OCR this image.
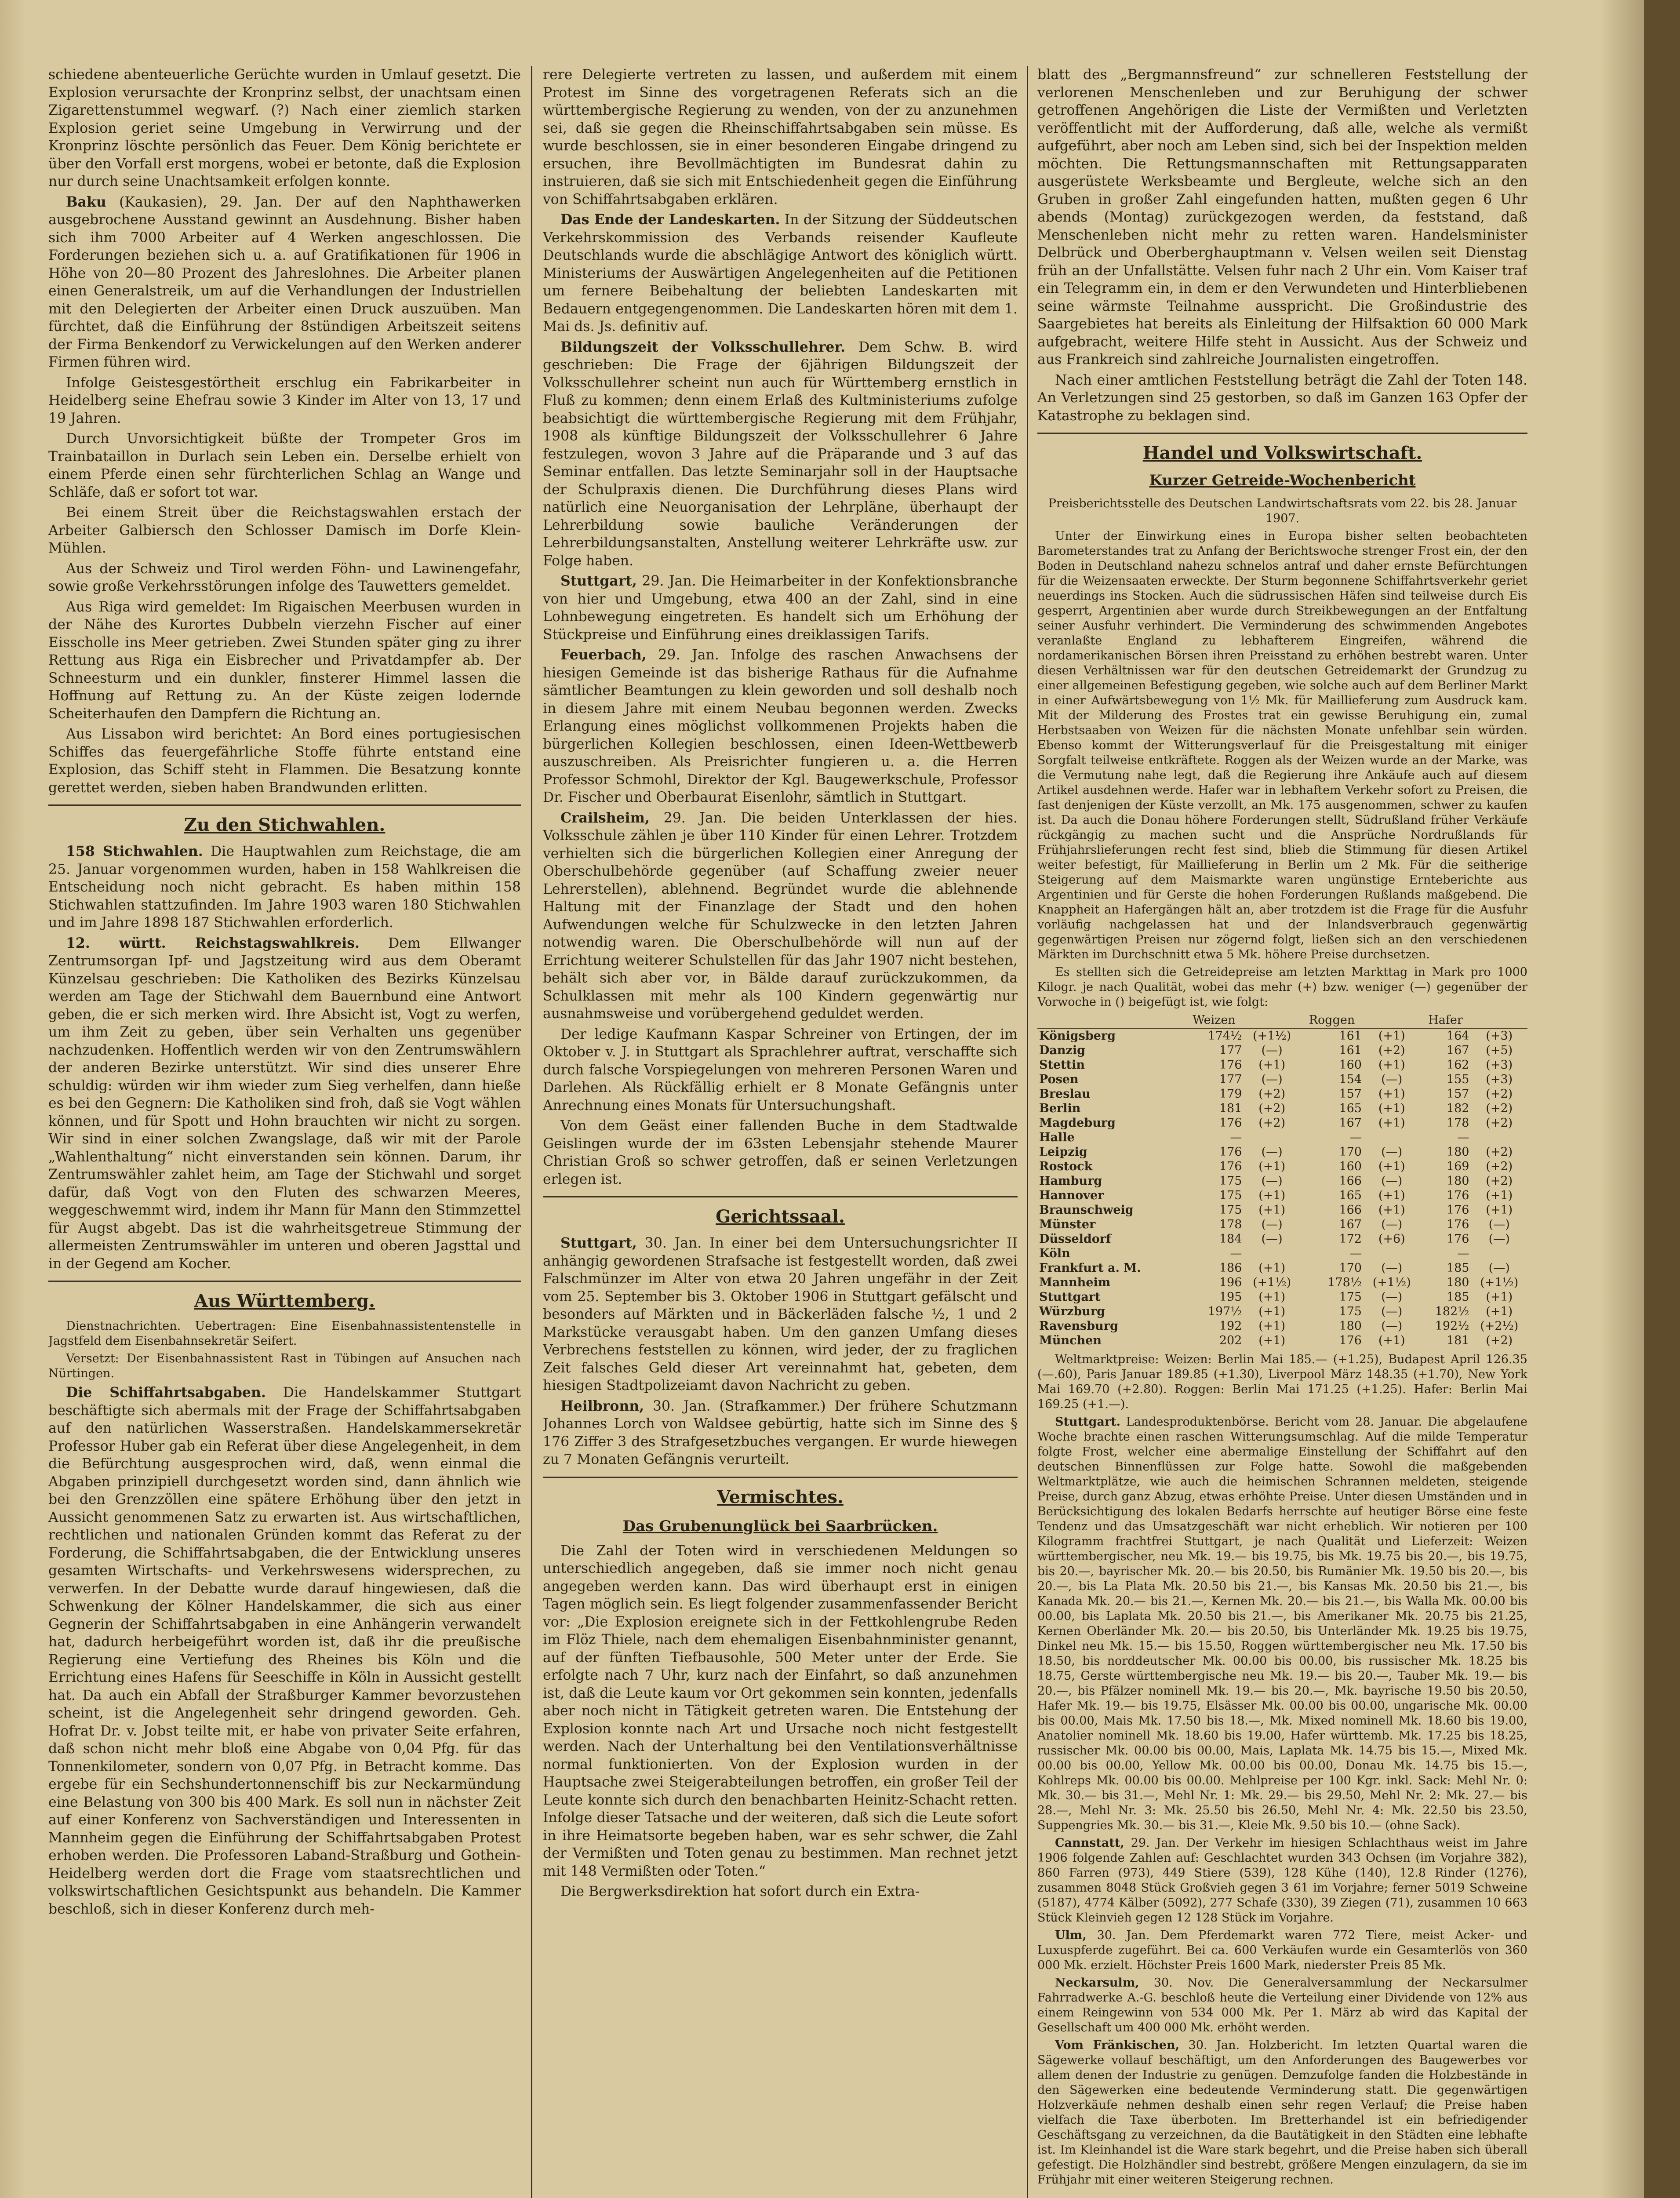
schiedene abenteuerliche Gerüchte wurden in Umlauf gesetzt. Die Explosion verursachte der Kronprinz selbst, der unachtsam einen Zigarettenstummel wegwarf. (?) Nach einer ziemlich starken Explosion geriet seine Umgebung in Verwirrung und der Kronprinz löschte persönlich das Feuer. Dem König berichtete er über den Vorfall erst morgens, wobei er betonte, daß die Explosion nur durch seine Unachtsamkeit erfolgen konnte.

Baku (Kaukasien), 29. Jan. Der auf den Naphthawerken ausgebrochene Ausstand gewinnt an Ausdehnung. Bisher haben sich ihm 7000 Arbeiter auf 4 Werken angeschlossen. Die Forderungen beziehen sich u. a. auf Gratifikationen für 1906 in Höhe von 20—80 Prozent des Jahreslohnes. Die Arbeiter planen einen Generalstreik, um auf die Verhandlungen der Industriellen mit den Delegierten der Arbeiter einen Druck auszuüben. Man fürchtet, daß die Einführung der 8stündigen Arbeitszeit seitens der Firma Benkendorf zu Verwickelungen auf den Werken anderer Firmen führen wird.

Infolge Geistesgestörtheit erschlug ein Fabrikarbeiter in Heidelberg seine Ehefrau sowie 3 Kinder im Alter von 13, 17 und 19 Jahren.

Durch Unvorsichtigkeit büßte der Trompeter Gros im Trainbataillon in Durlach sein Leben ein. Derselbe erhielt von einem Pferde einen sehr fürchterlichen Schlag an Wange und Schläfe, daß er sofort tot war.

Bei einem Streit über die Reichstagswahlen erstach der Arbeiter Galbiersch den Schlosser Damisch im Dorfe Klein-Mühlen.

Aus der Schweiz und Tirol werden Föhn- und Lawinengefahr, sowie große Verkehrsstörungen infolge des Tauwetters gemeldet.

Aus Riga wird gemeldet: Im Rigaischen Meerbusen wurden in der Nähe des Kurortes Dubbeln vierzehn Fischer auf einer Eisscholle ins Meer getrieben. Zwei Stunden später ging zu ihrer Rettung aus Riga ein Eisbrecher und Privatdampfer ab. Der Schneesturm und ein dunkler, finsterer Himmel lassen die Hoffnung auf Rettung zu. An der Küste zeigen lodernde Scheiterhaufen den Dampfern die Richtung an.

Aus Lissabon wird berichtet: An Bord eines portugiesischen Schiffes das feuergefährliche Stoffe führte entstand eine Explosion, das Schiff steht in Flammen. Die Besatzung konnte gerettet werden, sieben haben Brandwunden erlitten.

Zu den Stichwahlen.

158 Stichwahlen. Die Hauptwahlen zum Reichstage, die am 25. Januar vorgenommen wurden, haben in 158 Wahlkreisen die Entscheidung noch nicht gebracht. Es haben mithin 158 Stichwahlen stattzufinden. Im Jahre 1903 waren 180 Stichwahlen und im Jahre 1898 187 Stichwahlen erforderlich.

12. württ. Reichstagswahlkreis. Dem Ellwanger Zentrumsorgan Ipf- und Jagstzeitung wird aus dem Oberamt Künzelsau geschrieben: Die Katholiken des Bezirks Künzelsau werden am Tage der Stichwahl dem Bauernbund eine Antwort geben, die er sich merken wird. Ihre Absicht ist, Vogt zu werfen, um ihm Zeit zu geben, über sein Verhalten uns gegenüber nachzudenken. Hoffentlich werden wir von den Zentrumswählern der anderen Bezirke unterstützt. Wir sind dies unserer Ehre schuldig: würden wir ihm wieder zum Sieg verhelfen, dann hieße es bei den Gegnern: Die Katholiken sind froh, daß sie Vogt wählen können, und für Spott und Hohn brauchten wir nicht zu sorgen. Wir sind in einer solchen Zwangslage, daß wir mit der Parole „Wahlenthaltung“ nicht einverstanden sein können. Darum, ihr Zentrumswähler zahlet heim, am Tage der Stichwahl und sorget dafür, daß Vogt von den Fluten des schwarzen Meeres, weggeschwemmt wird, indem ihr Mann für Mann den Stimmzettel für Augst abgebt. Das ist die wahrheitsgetreue Stimmung der allermeisten Zentrumswähler im unteren und oberen Jagsttal und in der Gegend am Kocher.

Aus Württemberg.

Dienstnachrichten. Uebertragen: Eine Eisenbahnassistentenstelle in Jagstfeld dem Eisenbahnsekretär Seifert.

Versetzt: Der Eisenbahnassistent Rast in Tübingen auf Ansuchen nach Nürtingen.

Die Schiffahrtsabgaben. Die Handelskammer Stuttgart beschäftigte sich abermals mit der Frage der Schiffahrtsabgaben auf den natürlichen Wasserstraßen. Handelskammersekretär Professor Huber gab ein Referat über diese Angelegenheit, in dem die Befürchtung ausgesprochen wird, daß, wenn einmal die Abgaben prinzipiell durchgesetzt worden sind, dann ähnlich wie bei den Grenzzöllen eine spätere Erhöhung über den jetzt in Aussicht genommenen Satz zu erwarten ist. Aus wirtschaftlichen, rechtlichen und nationalen Gründen kommt das Referat zu der Forderung, die Schiffahrtsabgaben, die der Entwicklung unseres gesamten Wirtschafts- und Verkehrswesens widersprechen, zu verwerfen. In der Debatte wurde darauf hingewiesen, daß die Schwenkung der Kölner Handelskammer, die sich aus einer Gegnerin der Schiffahrtsabgaben in eine Anhängerin verwandelt hat, dadurch herbeigeführt worden ist, daß ihr die preußische Regierung eine Vertiefung des Rheines bis Köln und die Errichtung eines Hafens für Seeschiffe in Köln in Aussicht gestellt hat. Da auch ein Abfall der Straßburger Kammer bevorzustehen scheint, ist die Angelegenheit sehr dringend geworden. Geh. Hofrat Dr. v. Jobst teilte mit, er habe von privater Seite erfahren, daß schon nicht mehr bloß eine Abgabe von 0,04 Pfg. für das Tonnenkilometer, sondern von 0,07 Pfg. in Betracht komme. Das ergebe für ein Sechshundertonnenschiff bis zur Neckarmündung eine Belastung von 300 bis 400 Mark. Es soll nun in nächster Zeit auf einer Konferenz von Sachverständigen und Interessenten in Mannheim gegen die Einführung der Schiffahrtsabgaben Protest erhoben werden. Die Professoren Laband-Straßburg und Gothein-Heidelberg werden dort die Frage vom staatsrechtlichen und volkswirtschaftlichen Gesichtspunkt aus behandeln. Die Kammer beschloß, sich in dieser Konferenz durch meh-

rere Delegierte vertreten zu lassen, und außerdem mit einem Protest im Sinne des vorgetragenen Referats sich an die württembergische Regierung zu wenden, von der zu anzunehmen sei, daß sie gegen die Rheinschiffahrtsabgaben sein müsse. Es wurde beschlossen, sie in einer besonderen Eingabe dringend zu ersuchen, ihre Bevollmächtigten im Bundesrat dahin zu instruieren, daß sie sich mit Entschiedenheit gegen die Einführung von Schiffahrtsabgaben erklären.

Das Ende der Landeskarten. In der Sitzung der Süddeutschen Verkehrskommission des Verbands reisender Kaufleute Deutschlands wurde die abschlägige Antwort des königlich württ. Ministeriums der Auswärtigen Angelegenheiten auf die Petitionen um fernere Beibehaltung der beliebten Landeskarten mit Bedauern entgegengenommen. Die Landeskarten hören mit dem 1. Mai ds. Js. definitiv auf.

Bildungszeit der Volksschullehrer. Dem Schw. B. wird geschrieben: Die Frage der 6jährigen Bildungszeit der Volksschullehrer scheint nun auch für Württemberg ernstlich in Fluß zu kommen; denn einem Erlaß des Kultministeriums zufolge beabsichtigt die württembergische Regierung mit dem Frühjahr, 1908 als künftige Bildungszeit der Volksschullehrer 6 Jahre festzulegen, wovon 3 Jahre auf die Präparande und 3 auf das Seminar entfallen. Das letzte Seminarjahr soll in der Hauptsache der Schulpraxis dienen. Die Durchführung dieses Plans wird natürlich eine Neuorganisation der Lehrpläne, überhaupt der Lehrerbildung sowie bauliche Veränderungen der Lehrerbildungsanstalten, Anstellung weiterer Lehrkräfte usw. zur Folge haben.

Stuttgart, 29. Jan. Die Heimarbeiter in der Konfektionsbranche von hier und Umgebung, etwa 400 an der Zahl, sind in eine Lohnbewegung eingetreten. Es handelt sich um Erhöhung der Stückpreise und Einführung eines dreiklassigen Tarifs.

Feuerbach, 29. Jan. Infolge des raschen Anwachsens der hiesigen Gemeinde ist das bisherige Rathaus für die Aufnahme sämtlicher Beamtungen zu klein geworden und soll deshalb noch in diesem Jahre mit einem Neubau begonnen werden. Zwecks Erlangung eines möglichst vollkommenen Projekts haben die bürgerlichen Kollegien beschlossen, einen Ideen-Wettbewerb auszuschreiben. Als Preisrichter fungieren u. a. die Herren Professor Schmohl, Direktor der Kgl. Baugewerkschule, Professor Dr. Fischer und Oberbaurat Eisenlohr, sämtlich in Stuttgart.

Crailsheim, 29. Jan. Die beiden Unterklassen der hies. Volksschule zählen je über 110 Kinder für einen Lehrer. Trotzdem verhielten sich die bürgerlichen Kollegien einer Anregung der Oberschulbehörde gegenüber (auf Schaffung zweier neuer Lehrerstellen), ablehnend. Begründet wurde die ablehnende Haltung mit der Finanzlage der Stadt und den hohen Aufwendungen welche für Schulzwecke in den letzten Jahren notwendig waren. Die Oberschulbehörde will nun auf der Errichtung weiterer Schulstellen für das Jahr 1907 nicht bestehen, behält sich aber vor, in Bälde darauf zurückzukommen, da Schulklassen mit mehr als 100 Kindern gegenwärtig nur ausnahmsweise und vorübergehend geduldet werden.

Der ledige Kaufmann Kaspar Schreiner von Ertingen, der im Oktober v. J. in Stuttgart als Sprachlehrer auftrat, verschaffte sich durch falsche Vorspiegelungen von mehreren Personen Waren und Darlehen. Als Rückfällig erhielt er 8 Monate Gefängnis unter Anrechnung eines Monats für Untersuchungshaft.

Von dem Geäst einer fallenden Buche in dem Stadtwalde Geislingen wurde der im 63sten Lebensjahr stehende Maurer Christian Groß so schwer getroffen, daß er seinen Verletzungen erlegen ist.

Gerichtssaal.

Stuttgart, 30. Jan. In einer bei dem Untersuchungsrichter II anhängig gewordenen Strafsache ist festgestellt worden, daß zwei Falschmünzer im Alter von etwa 20 Jahren ungefähr in der Zeit vom 25. September bis 3. Oktober 1906 in Stuttgart gefälscht und besonders auf Märkten und in Bäckerläden falsche ½, 1 und 2 Markstücke verausgabt haben. Um den ganzen Umfang dieses Verbrechens feststellen zu können, wird jeder, der zu fraglichen Zeit falsches Geld dieser Art vereinnahmt hat, gebeten, dem hiesigen Stadtpolizeiamt davon Nachricht zu geben.

Heilbronn, 30. Jan. (Strafkammer.) Der frühere Schutzmann Johannes Lorch von Waldsee gebürtig, hatte sich im Sinne des § 176 Ziffer 3 des Strafgesetzbuches vergangen. Er wurde hiewegen zu 7 Monaten Gefängnis verurteilt.

Vermischtes.
Das Grubenunglück bei Saarbrücken.

Die Zahl der Toten wird in verschiedenen Meldungen so unterschiedlich angegeben, daß sie immer noch nicht genau angegeben werden kann. Das wird überhaupt erst in einigen Tagen möglich sein. Es liegt folgender zusammenfassender Bericht vor: „Die Explosion ereignete sich in der Fettkohlengrube Reden im Flöz Thiele, nach dem ehemaligen Eisenbahnminister genannt, auf der fünften Tiefbausohle, 500 Meter unter der Erde. Sie erfolgte nach 7 Uhr, kurz nach der Einfahrt, so daß anzunehmen ist, daß die Leute kaum vor Ort gekommen sein konnten, jedenfalls aber noch nicht in Tätigkeit getreten waren. Die Entstehung der Explosion konnte nach Art und Ursache noch nicht festgestellt werden. Nach der Unterhaltung bei den Ventilationsverhältnisse normal funktionierten. Von der Explosion wurden in der Hauptsache zwei Steigerabteilungen betroffen, ein großer Teil der Leute konnte sich durch den benachbarten Heinitz-Schacht retten. Infolge dieser Tatsache und der weiteren, daß sich die Leute sofort in ihre Heimatsorte begeben haben, war es sehr schwer, die Zahl der Vermißten und Toten genau zu bestimmen. Man rechnet jetzt mit 148 Vermißten oder Toten.“

Die Bergwerksdirektion hat sofort durch ein Extra-

blatt des „Bergmannsfreund“ zur schnelleren Feststellung der verlorenen Menschenleben und zur Beruhigung der schwer getroffenen Angehörigen die Liste der Vermißten und Verletzten veröffentlicht mit der Aufforderung, daß alle, welche als vermißt aufgeführt, aber noch am Leben sind, sich bei der Inspektion melden möchten. Die Rettungsmannschaften mit Rettungsapparaten ausgerüstete Werksbeamte und Bergleute, welche sich an den Gruben in großer Zahl eingefunden hatten, mußten gegen 6 Uhr abends (Montag) zurückgezogen werden, da feststand, daß Menschenleben nicht mehr zu retten waren. Handelsminister Delbrück und Oberberghauptmann v. Velsen weilen seit Dienstag früh an der Unfallstätte. Velsen fuhr nach 2 Uhr ein. Vom Kaiser traf ein Telegramm ein, in dem er den Verwundeten und Hinterbliebenen seine wärmste Teilnahme ausspricht. Die Großindustrie des Saargebietes hat bereits als Einleitung der Hilfsaktion 60 000 Mark aufgebracht, weitere Hilfe steht in Aussicht. Aus der Schweiz und aus Frankreich sind zahlreiche Journalisten eingetroffen.

Nach einer amtlichen Feststellung beträgt die Zahl der Toten 148. An Verletzungen sind 25 gestorben, so daß im Ganzen 163 Opfer der Katastrophe zu beklagen sind.

Handel und Volkswirtschaft.
Kurzer Getreide-Wochenbericht

Preisberichtsstelle des Deutschen Landwirtschaftsrats vom 22. bis 28. Januar 1907.

Unter der Einwirkung eines in Europa bisher selten beobachteten Barometerstandes trat zu Anfang der Berichtswoche strenger Frost ein, der den Boden in Deutschland nahezu schnelos antraf und daher ernste Befürchtungen für die Weizensaaten erweckte. Der Sturm begonnene Schiffahrtsverkehr geriet neuerdings ins Stocken. Auch die südrussischen Häfen sind teilweise durch Eis gesperrt, Argentinien aber wurde durch Streikbewegungen an der Entfaltung seiner Ausfuhr verhindert. Die Verminderung des schwimmenden Angebotes veranlaßte England zu lebhafterem Eingreifen, während die nordamerikanischen Börsen ihren Preisstand zu erhöhen bestrebt waren. Unter diesen Verhältnissen war für den deutschen Getreidemarkt der Grundzug zu einer allgemeinen Befestigung gegeben, wie solche auch auf dem Berliner Markt in einer Aufwärtsbewegung von 1½ Mk. für Maillieferung zum Ausdruck kam. Mit der Milderung des Frostes trat ein gewisse Beruhigung ein, zumal Herbstsaaben von Weizen für die nächsten Monate unfehlbar sein würden. Ebenso kommt der Witterungsverlauf für die Preisgestaltung mit einiger Sorgfalt teilweise entkräftete. Roggen als der Weizen wurde an der Marke, was die Vermutung nahe legt, daß die Regierung ihre Ankäufe auch auf diesem Artikel ausdehnen werde. Hafer war in lebhaftem Verkehr sofort zu Preisen, die fast denjenigen der Küste verzollt, an Mk. 175 ausgenommen, schwer zu kaufen ist. Da auch die Donau höhere Forderungen stellt, Südrußland früher Verkäufe rückgängig zu machen sucht und die Ansprüche Nordrußlands für Frühjahrslieferungen recht fest sind, blieb die Stimmung für diesen Artikel weiter befestigt, für Maillieferung in Berlin um 2 Mk. Für die seitherige Steigerung auf dem Maismarkte waren ungünstige Ernteberichte aus Argentinien und für Gerste die hohen Forderungen Rußlands maßgebend. Die Knappheit an Hafergängen hält an, aber trotzdem ist die Frage für die Ausfuhr vorläufig nachgelassen hat und der Inlandsverbrauch gegenwärtig gegenwärtigen Preisen nur zögernd folgt, ließen sich an den verschiedenen Märkten im Durchschnitt etwa 5 Mk. höhere Preise durchsetzen.

Es stellten sich die Getreidepreise am letzten Markttag in Mark pro 1000 Kilogr. je nach Qualität, wobei das mehr (+) bzw. weniger (—) gegenüber der Vorwoche in () beigefügt ist, wie folgt:

	Weizen		Roggen		Hafer	
Königsberg	174½	(+1½)	161	(+1)	164	(+3)
Danzig	177	(—)	161	(+2)	167	(+5)
Stettin	176	(+1)	160	(+1)	162	(+3)
Posen	177	(—)	154	(—)	155	(+3)
Breslau	179	(+2)	157	(+1)	157	(+2)
Berlin	181	(+2)	165	(+1)	182	(+2)
Magdeburg	176	(+2)	167	(+1)	178	(+2)
Halle	—		—		—	
Leipzig	176	(—)	170	(—)	180	(+2)
Rostock	176	(+1)	160	(+1)	169	(+2)
Hamburg	175	(—)	166	(—)	180	(+2)
Hannover	175	(+1)	165	(+1)	176	(+1)
Braunschweig	175	(+1)	166	(+1)	176	(+1)
Münster	178	(—)	167	(—)	176	(—)
Düsseldorf	184	(—)	172	(+6)	176	(—)
Köln	—		—		—	
Frankfurt a. M.	186	(+1)	170	(—)	185	(—)
Mannheim	196	(+1½)	178½	(+1½)	180	(+1½)
Stuttgart	195	(+1)	175	(—)	185	(+1)
Würzburg	197½	(+1)	175	(—)	182½	(+1)
Ravensburg	192	(+1)	180	(—)	192½	(+2½)
München	202	(+1)	176	(+1)	181	(+2)

Weltmarktpreise: Weizen: Berlin Mai 185.— (+1.25), Budapest April 126.35 (—.60), Paris Januar 189.85 (+1.30), Liverpool März 148.35 (+1.70), New York Mai 169.70 (+2.80). Roggen: Berlin Mai 171.25 (+1.25). Hafer: Berlin Mai 169.25 (+1.—).

Stuttgart. Landesproduktenbörse. Bericht vom 28. Januar. Die abgelaufene Woche brachte einen raschen Witterungsumschlag. Auf die milde Temperatur folgte Frost, welcher eine abermalige Einstellung der Schiffahrt auf den deutschen Binnenflüssen zur Folge hatte. Sowohl die maßgebenden Weltmarktplätze, wie auch die heimischen Schrannen meldeten, steigende Preise, durch ganz Abzug, etwas erhöhte Preise. Unter diesen Umständen und in Berücksichtigung des lokalen Bedarfs herrschte auf heutiger Börse eine feste Tendenz und das Umsatzgeschäft war nicht erheblich. Wir notieren per 100 Kilogramm frachtfrei Stuttgart, je nach Qualität und Lieferzeit: Weizen württembergischer, neu Mk. 19.— bis 19.75, bis Mk. 19.75 bis 20.—, bis 19.75, bis 20.—, bayrischer Mk. 20.— bis 20.50, bis Rumänier Mk. 19.50 bis 20.—, bis 20.—, bis La Plata Mk. 20.50 bis 21.—, bis Kansas Mk. 20.50 bis 21.—, bis Kanada Mk. 20.— bis 21.—, Kernen Mk. 20.— bis 21.—, bis Walla Mk. 00.00 bis 00.00, bis Laplata Mk. 20.50 bis 21.—, bis Amerikaner Mk. 20.75 bis 21.25, Kernen Oberländer Mk. 20.— bis 20.50, bis Unterländer Mk. 19.25 bis 19.75, Dinkel neu Mk. 15.— bis 15.50, Roggen württembergischer neu Mk. 17.50 bis 18.50, bis norddeutscher Mk. 00.00 bis 00.00, bis russischer Mk. 18.25 bis 18.75, Gerste württembergische neu Mk. 19.— bis 20.—, Tauber Mk. 19.— bis 20.—, bis Pfälzer nominell Mk. 19.— bis 20.—, Mk. bayrische 19.50 bis 20.50, Hafer Mk. 19.— bis 19.75, Elsässer Mk. 00.00 bis 00.00, ungarische Mk. 00.00 bis 00.00, Mais Mk. 17.50 bis 18.—, Mk. Mixed nominell Mk. 18.60 bis 19.00, Anatolier nominell Mk. 18.60 bis 19.00, Hafer württemb. Mk. 17.25 bis 18.25, russischer Mk. 00.00 bis 00.00, Mais, Laplata Mk. 14.75 bis 15.—, Mixed Mk. 00.00 bis 00.00, Yellow Mk. 00.00 bis 00.00, Donau Mk. 14.75 bis 15.—, Kohlreps Mk. 00.00 bis 00.00. Mehlpreise per 100 Kgr. inkl. Sack: Mehl Nr. 0: Mk. 30.— bis 31.—, Mehl Nr. 1: Mk. 29.— bis 29.50, Mehl Nr. 2: Mk. 27.— bis 28.—, Mehl Nr. 3: Mk. 25.50 bis 26.50, Mehl Nr. 4: Mk. 22.50 bis 23.50, Suppengries Mk. 30.— bis 31.—, Kleie Mk. 9.50 bis 10.— (ohne Sack).

Cannstatt, 29. Jan. Der Verkehr im hiesigen Schlachthaus weist im Jahre 1906 folgende Zahlen auf: Geschlachtet wurden 343 Ochsen (im Vorjahre 382), 860 Farren (973), 449 Stiere (539), 128 Kühe (140), 12.8 Rinder (1276), zusammen 8048 Stück Großvieh gegen 3 61 im Vorjahre; ferner 5019 Schweine (5187), 4774 Kälber (5092), 277 Schafe (330), 39 Ziegen (71), zusammen 10 663 Stück Kleinvieh gegen 12 128 Stück im Vorjahre.

Ulm, 30. Jan. Dem Pferdemarkt waren 772 Tiere, meist Acker- und Luxuspferde zugeführt. Bei ca. 600 Verkäufen wurde ein Gesamterlös von 360 000 Mk. erzielt. Höchster Preis 1600 Mark, niederster Preis 85 Mk.

Neckarsulm, 30. Nov. Die Generalversammlung der Neckarsulmer Fahrradwerke A.-G. beschloß heute die Verteilung einer Dividende von 12% aus einem Reingewinn von 534 000 Mk. Per 1. März ab wird das Kapital der Gesellschaft um 400 000 Mk. erhöht werden.

Vom Fränkischen, 30. Jan. Holzbericht. Im letzten Quartal waren die Sägewerke vollauf beschäftigt, um den Anforderungen des Baugewerbes vor allem denen der Industrie zu genügen. Demzufolge fanden die Holzbestände in den Sägewerken eine bedeutende Verminderung statt. Die gegenwärtigen Holzverkäufe nehmen deshalb einen sehr regen Verlauf; die Preise haben vielfach die Taxe überboten. Im Bretterhandel ist ein befriedigender Geschäftsgang zu verzeichnen, da die Bautätigkeit in den Städten eine lebhafte ist. Im Kleinhandel ist die Ware stark begehrt, und die Preise haben sich überall gefestigt. Die Holzhändler sind bestrebt, größere Mengen einzulagern, da sie im Frühjahr mit einer weiteren Steigerung rechnen.
